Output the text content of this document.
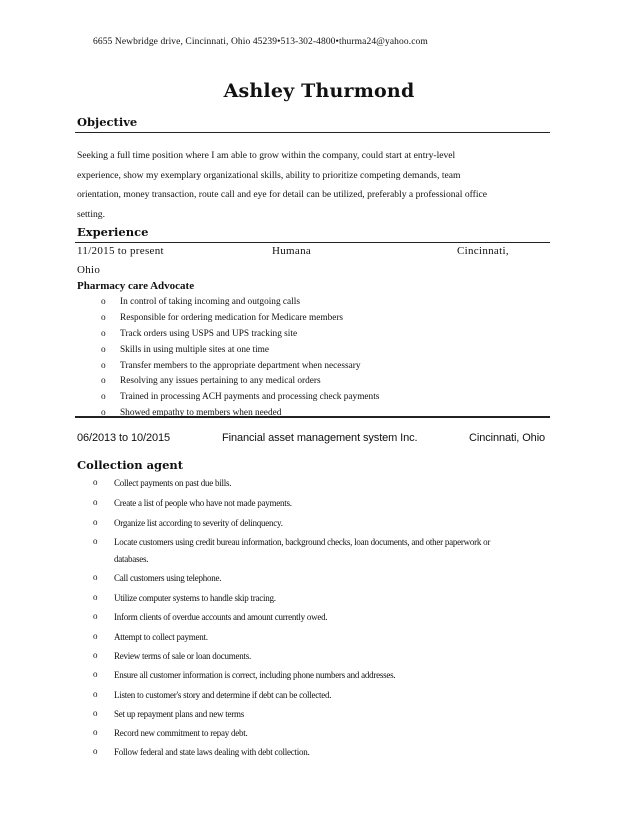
6655 Newbridge drive, Cincinnati, Ohio 45239•513-302-4800•thurma24@yahoo.com
Ashley Thurmond
Objective
Seeking a full time position where I am able to grow within the company, could start at entry-level
experience, show my exemplary organizational skills, ability to prioritize competing demands, team
orientation, money transaction, route call and eye for detail can be utilized, preferably a professional office
setting.
Experience
11/2015 to present	Humana	Cincinnati,
Ohio
Pharmacy care Advocate
o In control of taking incoming and outgoing calls
o Responsible for ordering medication for Medicare members
o Track orders using USPS and UPS tracking site
o Skills in using multiple sites at one time
o Transfer members to the appropriate department when necessary
o Resolving any issues pertaining to any medical orders
o Trained in processing ACH payments and processing check payments
o Showed empathy to members when needed
06/2013 to 10/2015	Financial asset management system Inc.	Cincinnati, Ohio
Collection agent
o Collect payments on past due bills.
o Create a list of people who have not made payments.
o Organize list according to severity of delinquency.
o Locate customers using credit bureau information, background checks, loan documents, and other paperwork or databases.
o Call customers using telephone.
o Utilize computer systems to handle skip tracing.
o Inform clients of overdue accounts and amount currently owed.
o Attempt to collect payment.
o Review terms of sale or loan documents.
o Ensure all customer information is correct, including phone numbers and addresses.
o Listen to customer's story and determine if debt can be collected.
o Set up repayment plans and new terms
o Record new commitment to repay debt.
o Follow federal and state laws dealing with debt collection.
